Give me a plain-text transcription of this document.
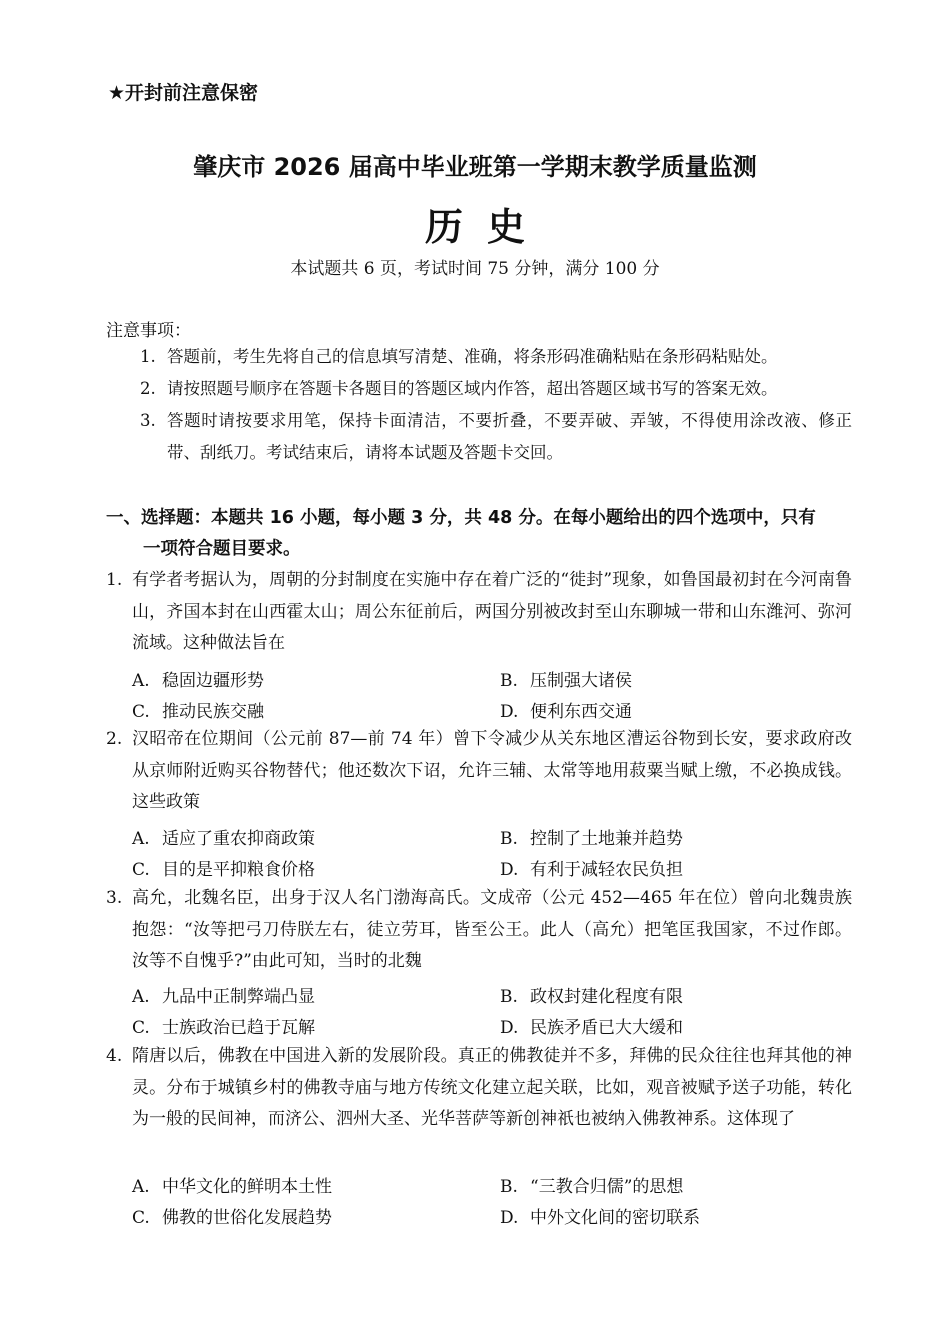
★开封前注意保密
肇庆市 2026 届高中毕业班第一学期末教学质量监测
历史
本试题共 6 页，考试时间 75 分钟，满分 100 分
注意事项：
1. 答题前，考生先将自己的信息填写清楚、准确，将条形码准确粘贴在条形码粘贴处。
2. 请按照题号顺序在答题卡各题目的答题区域内作答，超出答题区域书写的答案无效。
3. 答题时请按要求用笔，保持卡面清洁，不要折叠，不要弄破、弄皱，不得使用涂改液、修正带、刮纸刀。考试结束后，请将本试题及答题卡交回。
一、选择题：本题共 16 小题，每小题 3 分，共 48 分。在每小题给出的四个选项中，只有
一项符合题目要求。
1. 有学者考据认为，周朝的分封制度在实施中存在着广泛的“徙封”现象，如鲁国最初封在今河南鲁山，齐国本封在山西霍太山；周公东征前后，两国分别被改封至山东聊城一带和山东潍河、弥河流域。这种做法旨在
A. 稳固边疆形势	B. 压制强大诸侯
C. 推动民族交融	D. 便利东西交通
2. 汉昭帝在位期间（公元前 87—前 74 年）曾下令减少从关东地区漕运谷物到长安，要求政府改从京师附近购买谷物替代；他还数次下诏，允许三辅、太常等地用菽粟当赋上缴，不必换成钱。这些政策
A. 适应了重农抑商政策	B. 控制了土地兼并趋势
C. 目的是平抑粮食价格	D. 有利于减轻农民负担
3. 高允，北魏名臣，出身于汉人名门渤海高氏。文成帝（公元 452—465 年在位）曾向北魏贵族抱怨：“汝等把弓刀侍朕左右，徒立劳耳，皆至公王。此人（高允）把笔匡我国家，不过作郎。汝等不自愧乎?”由此可知，当时的北魏
A. 九品中正制弊端凸显	B. 政权封建化程度有限
C. 士族政治已趋于瓦解	D. 民族矛盾已大大缓和
4. 隋唐以后，佛教在中国进入新的发展阶段。真正的佛教徒并不多，拜佛的民众往往也拜其他的神灵。分布于城镇乡村的佛教寺庙与地方传统文化建立起关联，比如，观音被赋予送子功能，转化为一般的民间神，而济公、泗州大圣、光华菩萨等新创神祇也被纳入佛教神系。这体现了
A. 中华文化的鲜明本土性	B. “三教合归儒”的思想
C. 佛教的世俗化发展趋势	D. 中外文化间的密切联系
